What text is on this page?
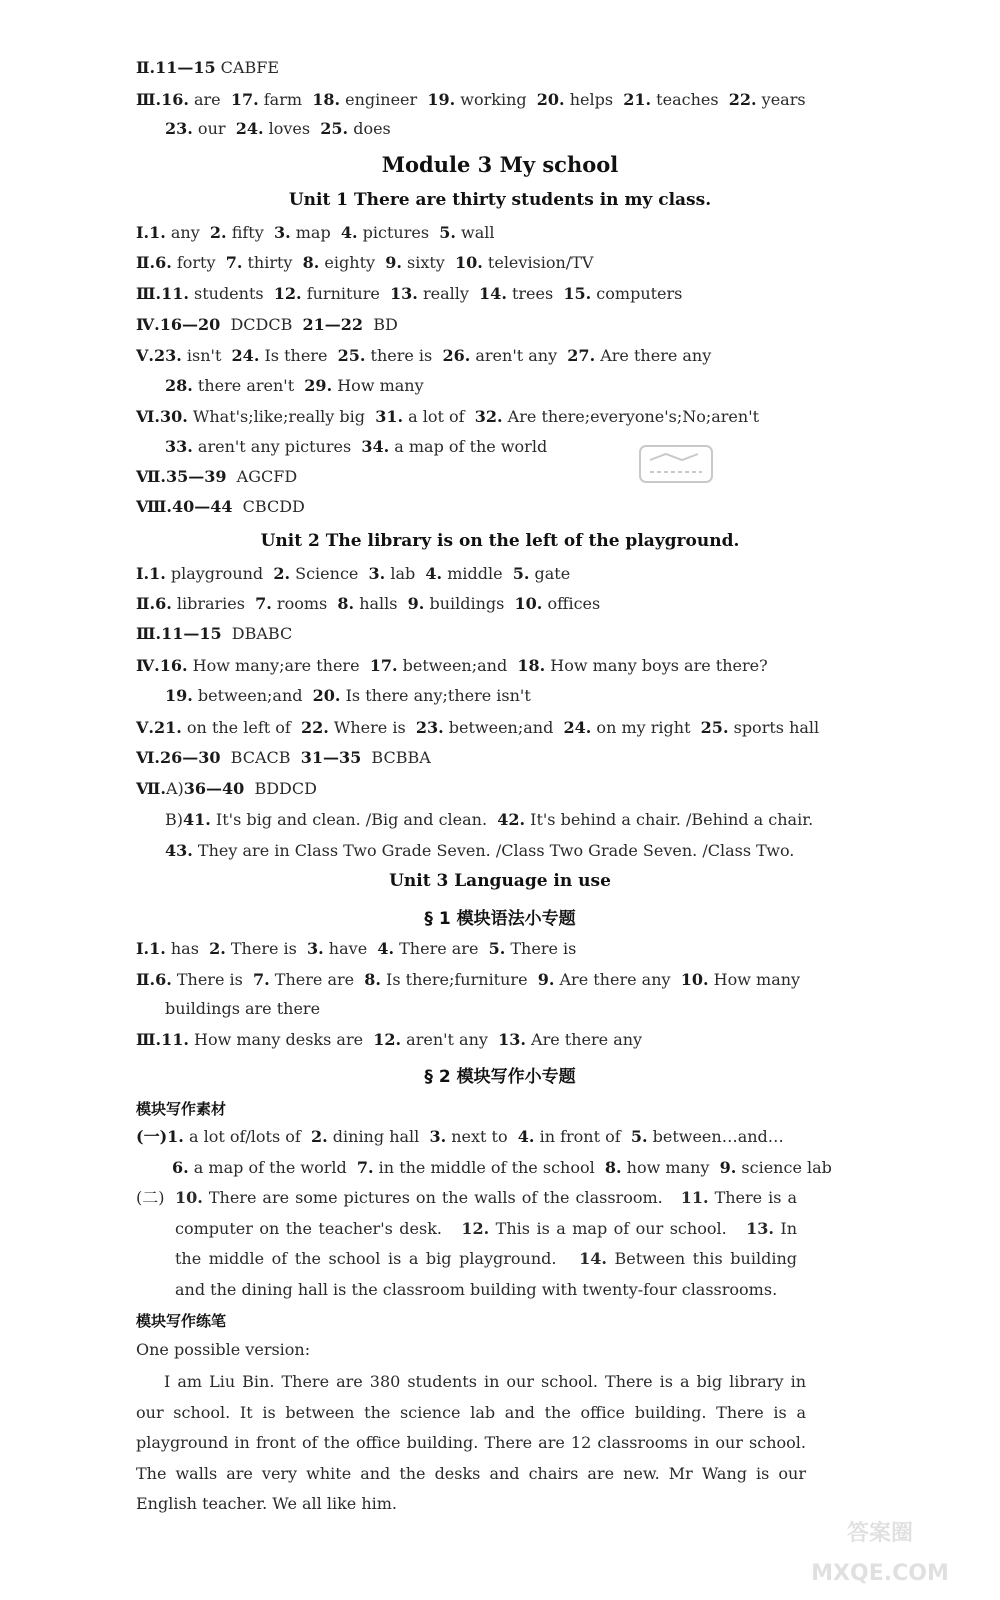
Ⅱ.11—15 CABFE
Ⅲ.16. are  17. farm  18. engineer  19. working  20. helps  21. teaches  22. years
23. our  24. loves  25. does
Module 3 My school
Unit 1 There are thirty students in my class.
Ⅰ.1. any  2. fifty  3. map  4. pictures  5. wall
Ⅱ.6. forty  7. thirty  8. eighty  9. sixty  10. television/TV
Ⅲ.11. students  12. furniture  13. really  14. trees  15. computers
Ⅳ.16—20  DCDCB  21—22  BD
Ⅴ.23. isn't  24. Is there  25. there is  26. aren't any  27. Are there any
28. there aren't  29. How many
Ⅵ.30. What's;like;really big  31. a lot of  32. Are there;everyone's;No;aren't
33. aren't any pictures  34. a map of the world
Ⅶ.35—39  AGCFD
Ⅷ.40—44  CBCDD
Unit 2 The library is on the left of the playground.
Ⅰ.1. playground  2. Science  3. lab  4. middle  5. gate
Ⅱ.6. libraries  7. rooms  8. halls  9. buildings  10. offices
Ⅲ.11—15  DBABC
Ⅳ.16. How many;are there  17. between;and  18. How many boys are there?
19. between;and  20. Is there any;there isn't
Ⅴ.21. on the left of  22. Where is  23. between;and  24. on my right  25. sports hall
Ⅵ.26—30  BCACB  31—35  BCBBA
Ⅶ.A)36—40  BDDCD
B)41. It's big and clean. /Big and clean.  42. It's behind a chair. /Behind a chair.
43. They are in Class Two Grade Seven. /Class Two Grade Seven. /Class Two.
Unit 3 Language in use
§ 1 模块语法小专题
Ⅰ.1. has  2. There is  3. have  4. There are  5. There is
Ⅱ.6. There is  7. There are  8. Is there;furniture  9. Are there any  10. How many
buildings are there
Ⅲ.11. How many desks are  12. aren't any  13. Are there any
§ 2 模块写作小专题
模块写作素材
(一)1. a lot of/lots of  2. dining hall  3. next to  4. in front of  5. between…and…
6. a map of the world  7. in the middle of the school  8. how many  9. science lab
(二) 10. There are some pictures on the walls of the classroom.   11. There is a computer on the teacher's desk.   12. This is a map of our school.   13. In the middle of the school is a big playground.   14. Between this building and the dining hall is the classroom building with twenty-four classrooms.
模块写作练笔
One possible version:
I am Liu Bin. There are 380 students in our school. There is a big library in our school. It is between the science lab and the office building. There is a playground in front of the office building. There are 12 classrooms in our school. The walls are very white and the desks and chairs are new. Mr Wang is our English teacher. We all like him.
答案圈
MXQE.COM
